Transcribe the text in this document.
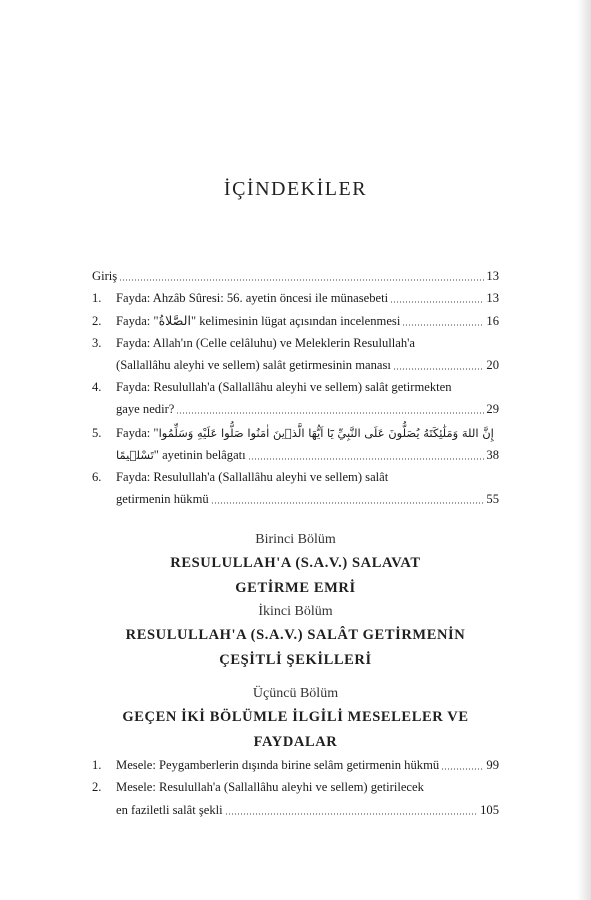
İÇİNDEKİLER
Giriş	13
1.	Fayda: Ahzâb Sûresi: 56. ayetin öncesi ile münasebeti	13
2.	Fayda: "الصَّلاةُ" kelimesinin lügat açısından incelenmesi	16
3.	Fayda: Allah'ın (Celle celâluhu) ve Meleklerin Resulullah'a
(Sallallâhu aleyhi ve sellem) salât getirmesinin manası	20
4.	Fayda: Resulullah'a (Sallallâhu aleyhi ve sellem) salât getirmekten
gaye nedir?	29
5.	Fayda: " إِنَّ اللهَ وَمَلَٰئِكَتَهُ يُصَلُّونَ عَلَى النَّبِيِّ يَٓا اَيُّهَا الَّذٖينَ اٰمَنُوا صَلُّوا عَلَيْهِ وَسَلِّمُوا
تَسْلٖيمًا " ayetinin belâgatı	38
6.	Fayda: Resulullah'a (Sallallâhu aleyhi ve sellem) salât
getirmenin hükmü	55
Birinci Bölüm
RESULULLAH'A (S.A.V.) SALAVAT
GETİRME EMRİ
İkinci Bölüm
RESULULLAH'A (S.A.V.) SALÂT GETİRMENİN
ÇEŞİTLİ ŞEKİLLERİ
Üçüncü Bölüm
GEÇEN İKİ BÖLÜMLE İLGİLİ MESELELER VE
FAYDALAR
1.	Mesele: Peygamberlerin dışında birine selâm getirmenin hükmü	99
2.	Mesele: Resulullah'a (Sallallâhu aleyhi ve sellem) getirilecek
en faziletli salât şekli	105
